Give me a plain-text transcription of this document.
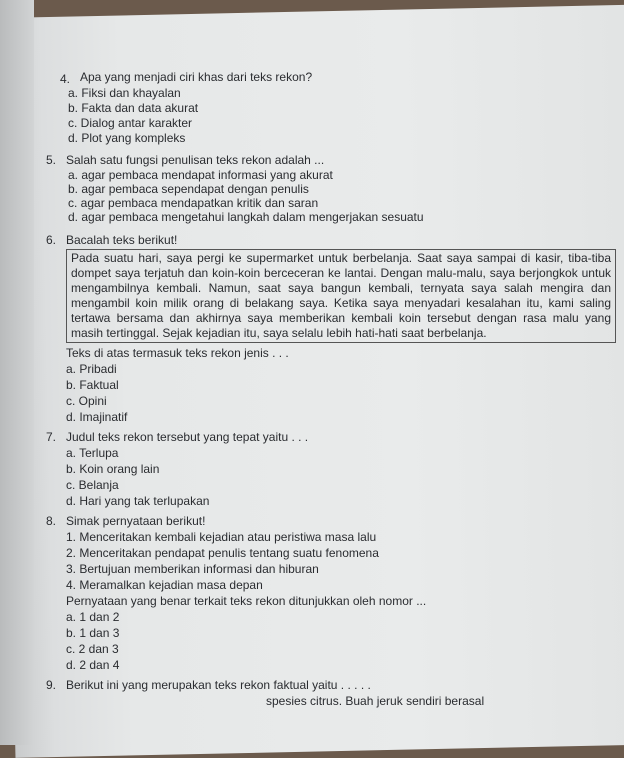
4. Apa yang menjadi ciri khas dari teks rekon?
a. Fiksi dan khayalan
b. Fakta dan data akurat
c. Dialog antar karakter
d. Plot yang kompleks
5. Salah satu fungsi penulisan teks rekon adalah ...
a. agar pembaca mendapat informasi yang akurat
b. agar pembaca sependapat dengan penulis
c. agar pembaca mendapatkan kritik dan saran
d. agar pembaca mengetahui langkah dalam mengerjakan sesuatu
6. Bacalah teks berikut!

Pada suatu hari, saya pergi ke supermarket untuk berbelanja. Saat saya sampai di kasir, tiba-tiba dompet saya terjatuh dan koin-koin berceceran ke lantai. Dengan malu-malu, saya berjongkok untuk mengambilnya kembali. Namun, saat saya bangun kembali, ternyata saya salah mengira dan mengambil koin milik orang di belakang saya. Ketika saya menyadari kesalahan itu, kami saling tertawa bersama dan akhirnya saya memberikan kembali koin tersebut dengan rasa malu yang masih tertinggal. Sejak kejadian itu, saya selalu lebih hati-hati saat berbelanja.

Teks di atas termasuk teks rekon jenis . . .
a. Pribadi
b. Faktual
c. Opini
d. Imajinatif
7. Judul teks rekon tersebut yang tepat yaitu . . .
a. Terlupa
b. Koin orang lain
c. Belanja
d. Hari yang tak terlupakan
8. Simak pernyataan berikut!
1. Menceritakan kembali kejadian atau peristiwa masa lalu
2. Menceritakan pendapat penulis tentang suatu fenomena
3. Bertujuan memberikan informasi dan hiburan
4. Meramalkan kejadian masa depan
Pernyataan yang benar terkait teks rekon ditunjukkan oleh nomor ...
a. 1 dan 2
b. 1 dan 3
c. 2 dan 3
d. 2 dan 4
9. Berikut ini yang merupakan teks rekon faktual yaitu . . . . .
spesies citrus. Buah jeruk sendiri berasal
